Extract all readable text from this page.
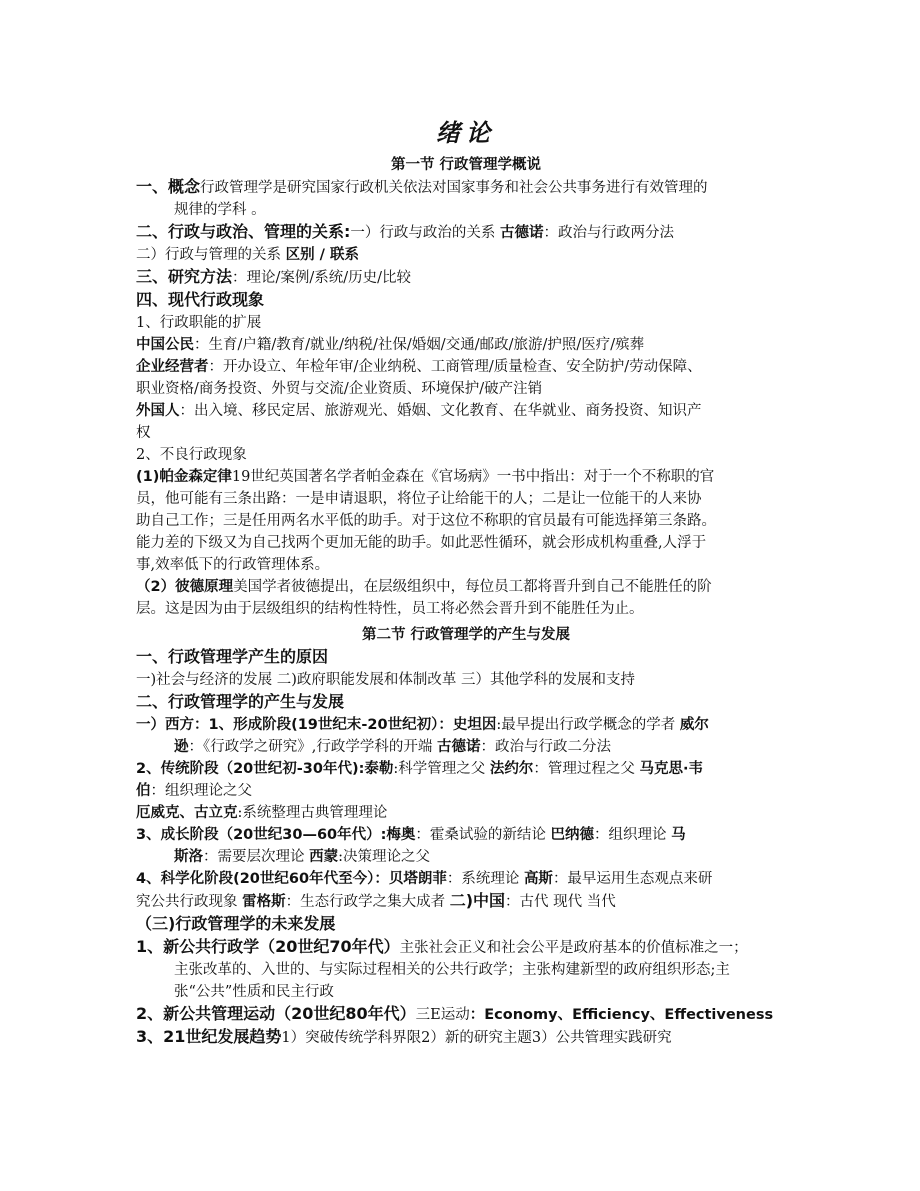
绪论
第一节 行政管理学概说

一、概念行政管理学是研究国家行政机关依法对国家事务和社会公共事务进行有效管理的

规律的学科 。

二、行政与政治、管理的关系:一）行政与政治的关系 古德诺：政治与行政两分法

二）行政与管理的关系 区别 / 联系

三、研究方法：理论/案例/系统/历史/比较

四、现代行政现象

1、行政职能的扩展

中国公民：生育/户籍/教育/就业/纳税/社保/婚姻/交通/邮政/旅游/护照/医疗/殡葬

企业经营者：开办设立、年检年审/企业纳税、工商管理/质量检查、安全防护/劳动保障、

职业资格/商务投资、外贸与交流/企业资质、环境保护/破产注销

外国人：出入境、移民定居、旅游观光、婚姻、文化教育、在华就业、商务投资、知识产

权

2、不良行政现象

(1)帕金森定律19世纪英国著名学者帕金森在《官场病》一书中指出：对于一个不称职的官

员，他可能有三条出路：一是申请退职，将位子让给能干的人；二是让一位能干的人来协

助自己工作；三是任用两名水平低的助手。对于这位不称职的官员最有可能选择第三条路。

能力差的下级又为自己找两个更加无能的助手。如此恶性循环，就会形成机构重叠,人浮于

事,效率低下的行政管理体系。

（2）彼德原理美国学者彼德提出，在层级组织中，每位员工都将晋升到自己不能胜任的阶

层。这是因为由于层级组织的结构性特性，员工将必然会晋升到不能胜任为止。

第二节 行政管理学的产生与发展

一、行政管理学产生的原因

一)社会与经济的发展 二)政府职能发展和体制改革 三）其他学科的发展和支持

二、行政管理学的产生与发展

一）西方：1、形成阶段(19世纪末-20世纪初）：史坦因:最早提出行政学概念的学者 威尔

逊：《行政学之研究》,行政学学科的开端 古德诺：政治与行政二分法

2、传统阶段（20世纪初-30年代):泰勒:科学管理之父 法约尔：管理过程之父 马克思·韦

伯：组织理论之父

厄威克、古立克:系统整理古典管理理论

3、成长阶段（20世纪30—60年代）:梅奥：霍桑试验的新结论 巴纳德：组织理论 马

斯洛：需要层次理论 西蒙:决策理论之父

4、科学化阶段(20世纪60年代至今）：贝塔朗菲：系统理论 高斯：最早运用生态观点来研

究公共行政现象 雷格斯：生态行政学之集大成者 二)中国：古代 现代 当代

（三)行政管理学的未来发展

1、新公共行政学（20世纪70年代）主张社会正义和社会公平是政府基本的价值标准之一；

主张改革的、入世的、与实际过程相关的公共行政学；主张构建新型的政府组织形态;主

张“公共”性质和民主行政

2、新公共管理运动（20世纪80年代）三E运动：Economy、Efficiency、Effectiveness

3、21世纪发展趋势1）突破传统学科界限2）新的研究主题3）公共管理实践研究
